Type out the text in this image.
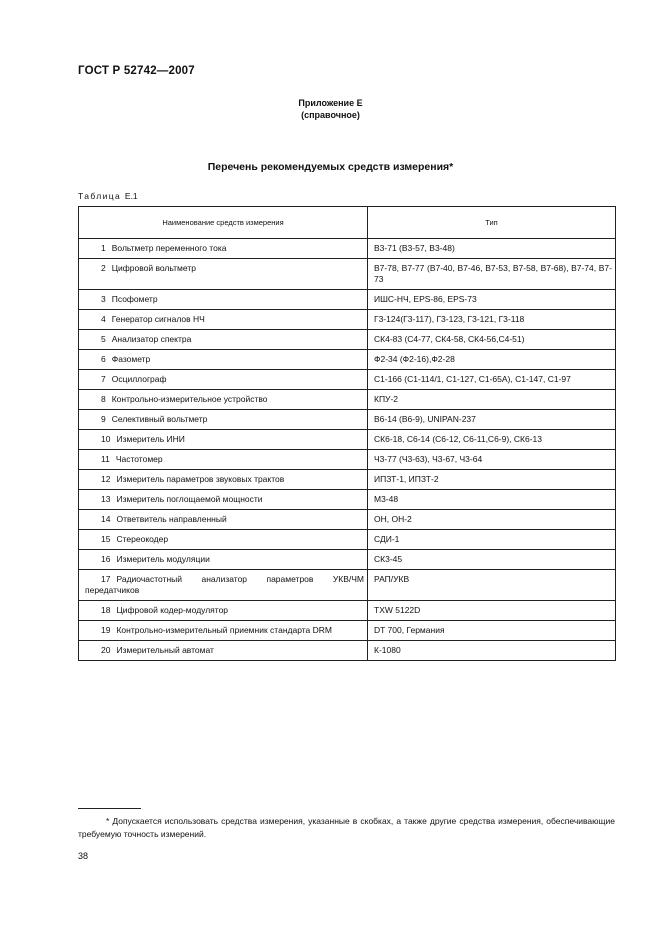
ГОСТ Р 52742—2007
Приложение Е
(справочное)
Перечень рекомендуемых средств измерения*
Таблица Е.1
Наименование средств измерения	Тип
1 Вольтметр переменного тока	В3-71 (В3-57, В3-48)
2 Цифровой вольтметр	В7-78, В7-77 (В7-40, В7-46, В7-53, В7-58, В7-68), В7-74, В7-73
3 Псофометр	ИШС-НЧ, EPS-86, EPS-73
4 Генератор сигналов НЧ	Г3-124(Г3-117), Г3-123, Г3-121, Г3-118
5 Анализатор спектра	СК4-83 (С4-77, СК4-58, СК4-56,С4-51)
6 Фазометр	Ф2-34 (Ф2-16),Ф2-28
7 Осциллограф	С1-166 (С1-114/1, С1-127, С1-65А), С1-147, С1-97
8 Контрольно-измерительное устройство	КПУ-2
9 Селективный вольтметр	В6-14 (В6-9), UNIPAN-237
10 Измеритель ИНИ	СК6-18, С6-14 (С6-12, С6-11,С6-9), СК6-13
11 Частотомер	Ч3-77 (Ч3-63), Ч3-67, Ч3-64
12 Измеритель параметров звуковых трактов	ИПЗТ-1, ИПЗТ-2
13 Измеритель поглощаемой мощности	М3-48
14 Ответвитель направленный	ОН, ОН-2
15 Стереокодер	СДИ-1
16 Измеритель модуляции	СК3-45
17 Радиочастотный анализатор параметров УКВ/ЧМ передатчиков	РАП/УКВ
18 Цифровой кодер-модулятор	TXW 5122D
19 Контрольно-измерительный приемник стандарта DRM	DT 700, Германия
20 Измерительный автомат	К-1080
* Допускается использовать средства измерения, указанные в скобках, а также другие средства измерения, обеспечивающие требуемую точность измерений.
38
